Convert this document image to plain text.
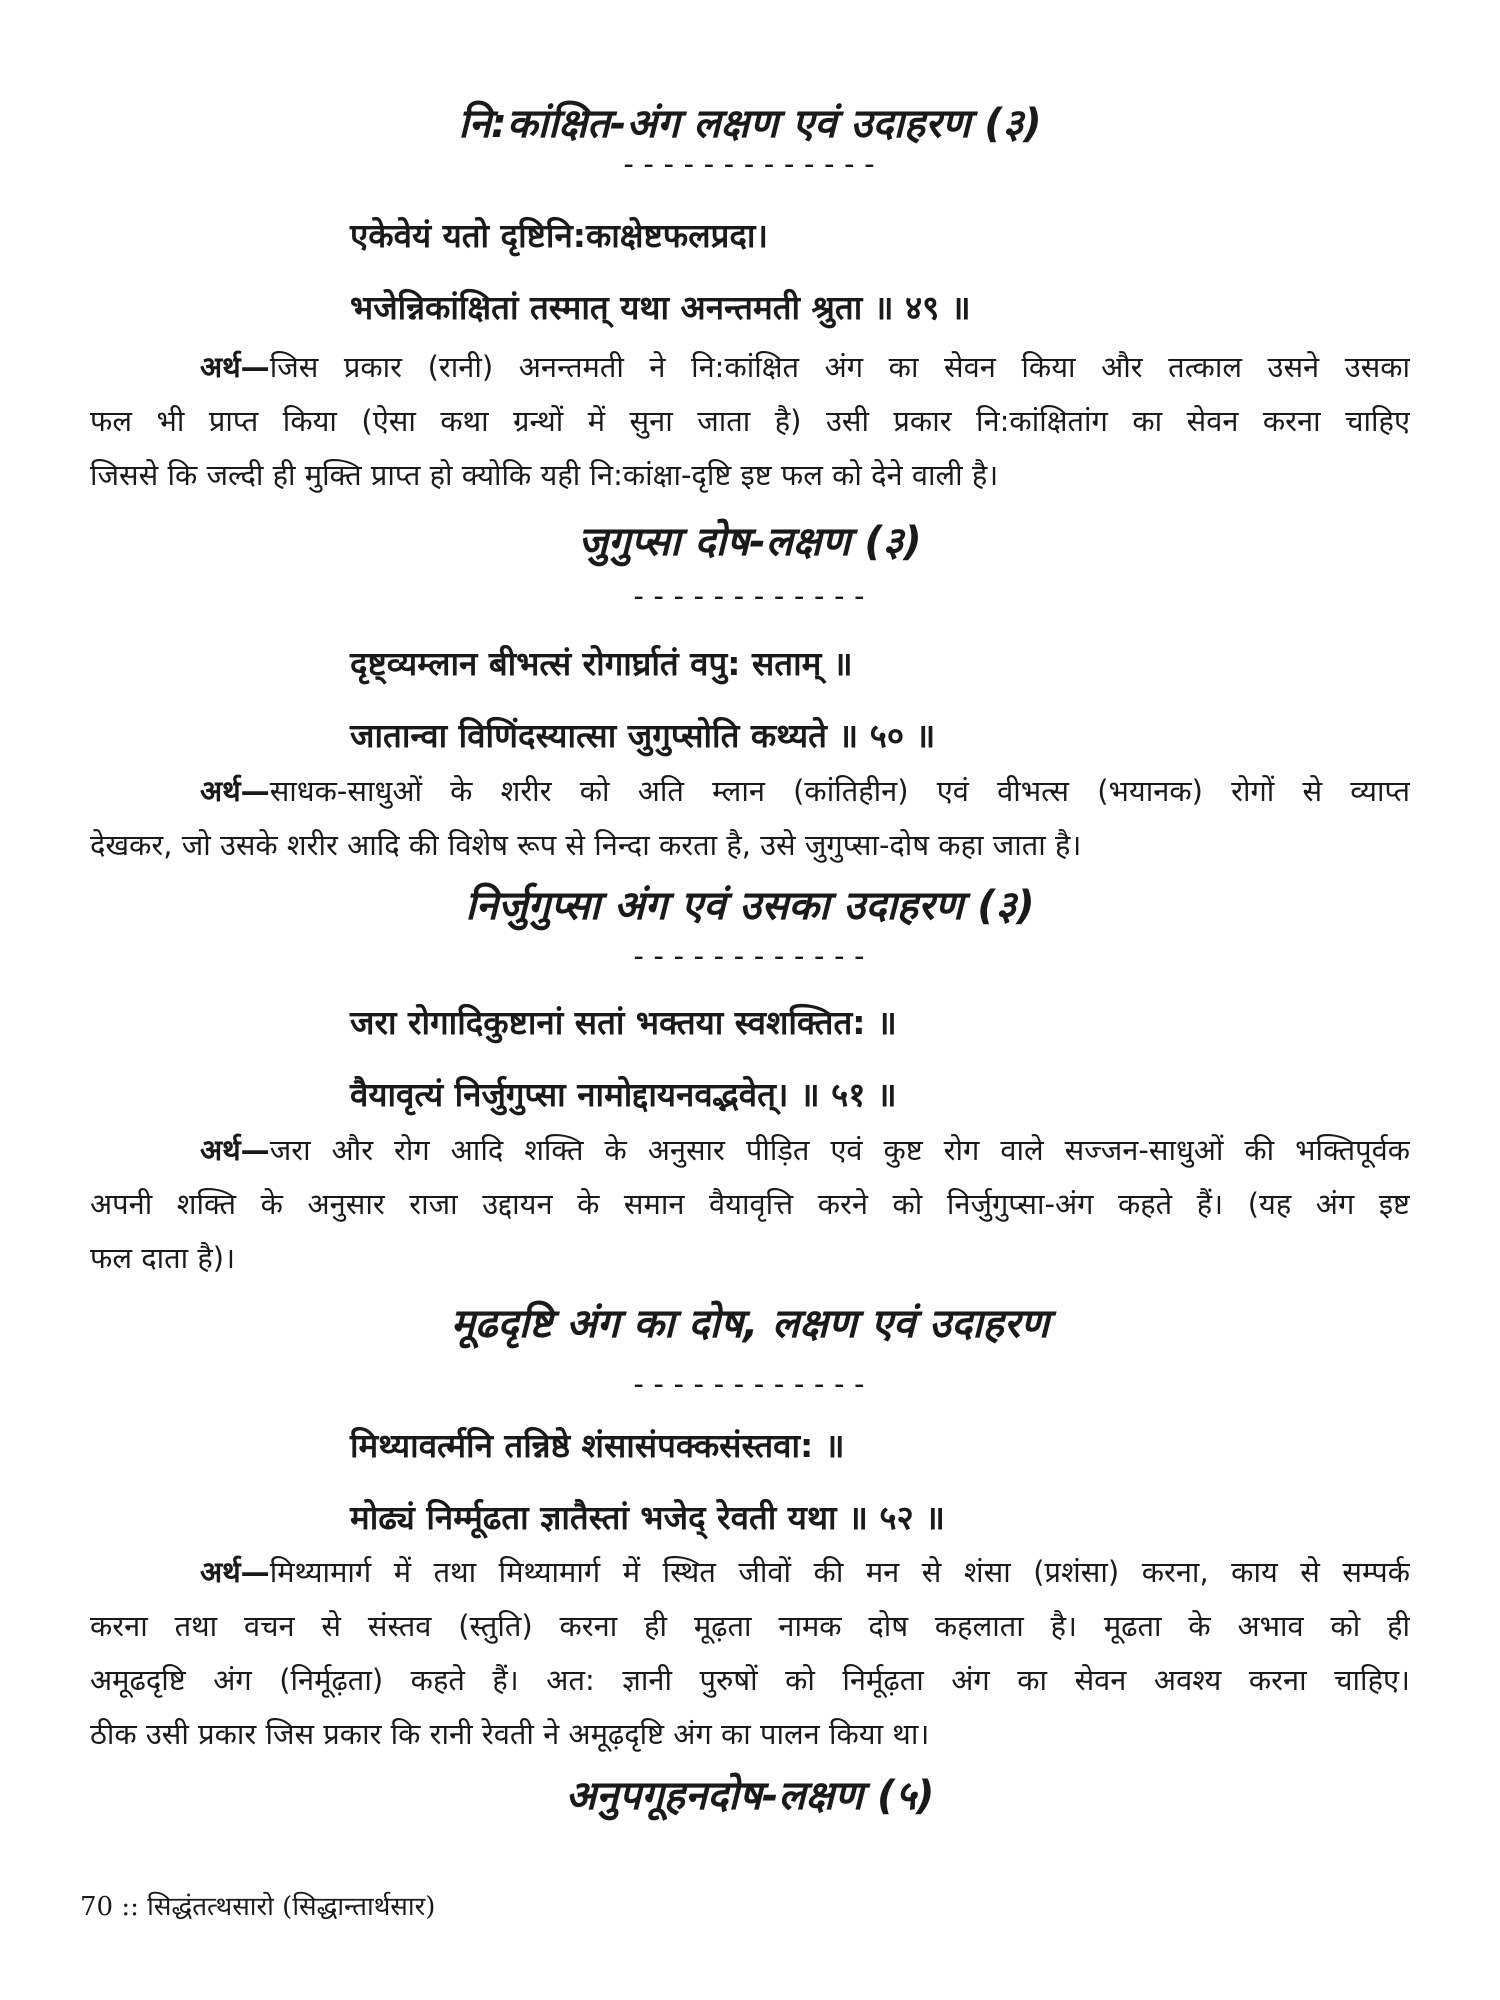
नि:कांक्षित-अंग लक्षण एवं उदाहरण (३)
-------------
एकेवेयं यतो दृष्टिनि:काक्षेष्टफलप्रदा।
भजेन्निकांक्षितां तस्मात् यथा अनन्तमती श्रुता ॥ ४९ ॥
अर्थ—जिस प्रकार (रानी) अनन्तमती ने नि:कांक्षित अंग का सेवन किया और तत्काल उसने उसका
फल भी प्राप्त किया (ऐसा कथा ग्रन्थों में सुना जाता है) उसी प्रकार नि:कांक्षितांग का सेवन करना चाहिए
जिससे कि जल्दी ही मुक्ति प्राप्त हो क्योकि यही नि:कांक्षा-दृष्टि इष्ट फल को देने वाली है।
जुगुप्सा दोष-लक्षण (३)
------------
दृष्ट्व्यम्लान बीभत्सं रोगार्घ्रातं वपु: सताम् ॥
जातान्वा विणिंदस्यात्सा जुगुप्सोति कथ्यते ॥ ५० ॥
अर्थ—साधक-साधुओं के शरीर को अति म्लान (कांतिहीन) एवं वीभत्स (भयानक) रोगों से व्याप्त
देखकर, जो उसके शरीर आदि की विशेष रूप से निन्दा करता है, उसे जुगुप्सा-दोष कहा जाता है।
निर्जुगुप्सा अंग एवं उसका उदाहरण (३)
------------
जरा रोगादिकुष्टानां सतां भक्तया स्वशक्तित: ॥
वैयावृत्यं निर्जुगुप्सा नामोद्दायनवद्भवेत्। ॥ ५१ ॥
अर्थ—जरा और रोग आदि शक्ति के अनुसार पीड़ित एवं कुष्ट रोग वाले सज्जन-साधुओं की भक्तिपूर्वक
अपनी शक्ति के अनुसार राजा उद्दायन के समान वैयावृत्ति करने को निर्जुगुप्सा-अंग कहते हैं। (यह अंग इष्ट
फल दाता है)।
मूढदृष्टि अंग का दोष, लक्षण एवं उदाहरण
------------
मिथ्यावर्त्मनि तन्निष्ठे शंसासंपक्कसंस्तवा: ॥
मोढ्यं निर्म्मूढता ज्ञातैस्तां भजेद् रेवती यथा ॥ ५२ ॥
अर्थ—मिथ्यामार्ग में तथा मिथ्यामार्ग में स्थित जीवों की मन से शंसा (प्रशंसा) करना, काय से सम्पर्क
करना तथा वचन से संस्तव (स्तुति) करना ही मूढ़ता नामक दोष कहलाता है। मूढता के अभाव को ही
अमूढदृष्टि अंग (निर्मूढ़ता) कहते हैं। अत: ज्ञानी पुरुषों को निर्मूढ़ता अंग का सेवन अवश्य करना चाहिए।
ठीक उसी प्रकार जिस प्रकार कि रानी रेवती ने अमूढ़दृष्टि अंग का पालन किया था।
अनुपगूहनदोष-लक्षण (५)
70 :: सिद्धंतत्थसारो (सिद्धान्तार्थसार)
